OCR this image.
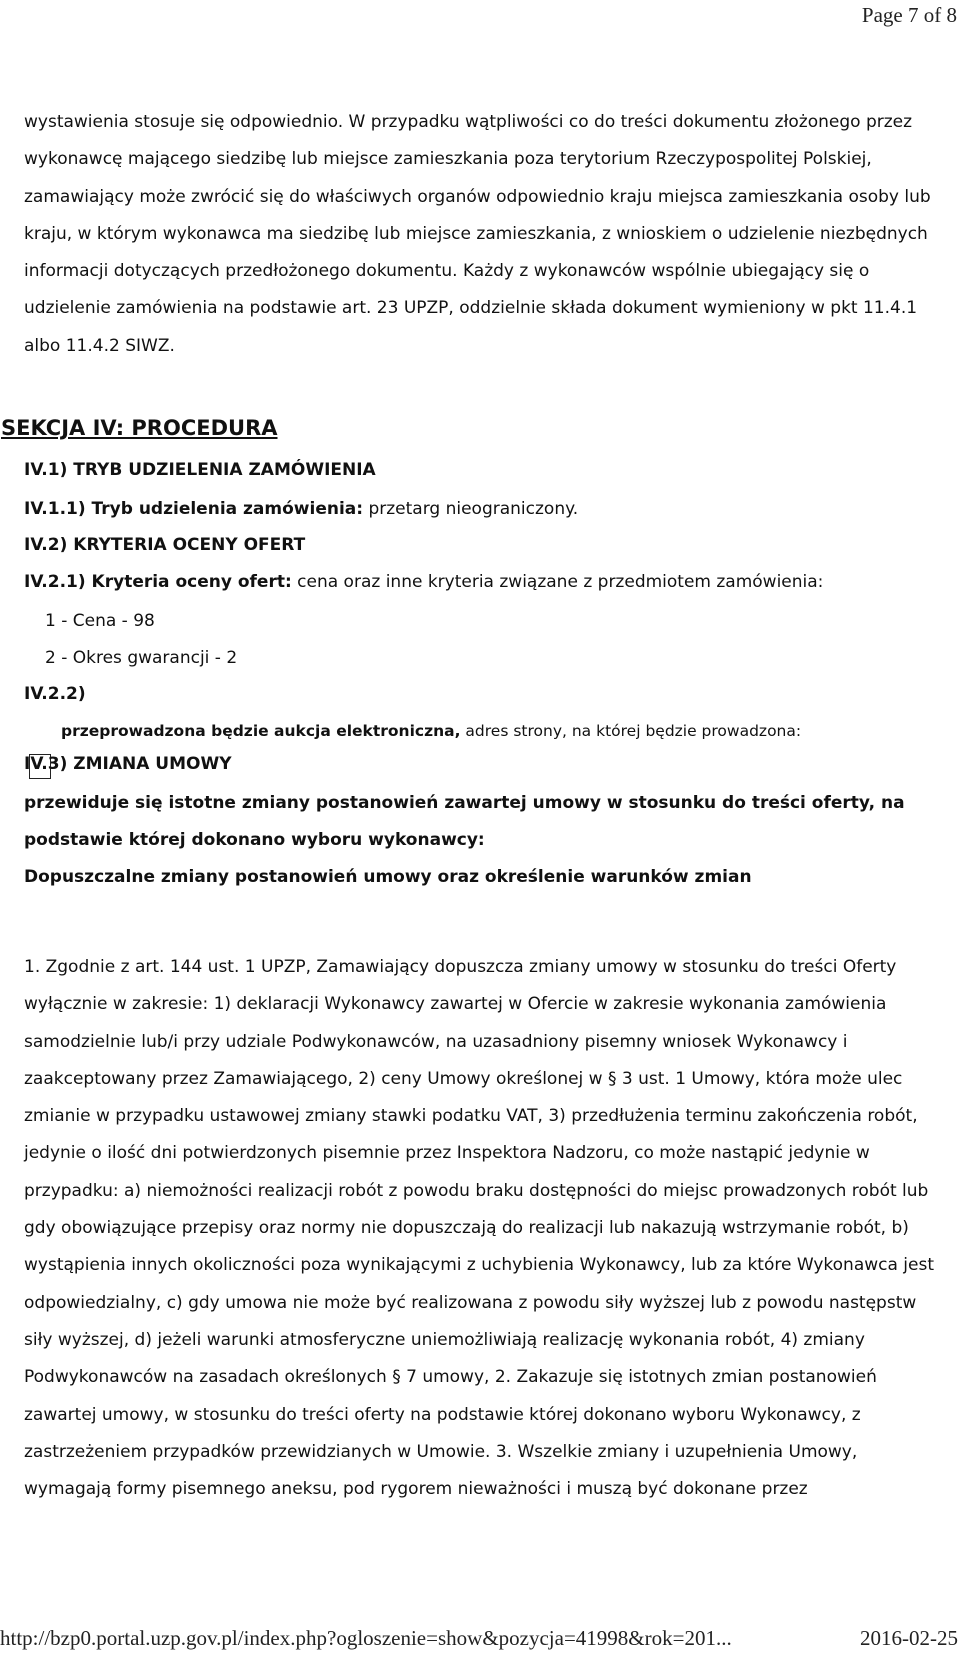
Page 7 of 8

wystawienia stosuje się odpowiednio. W przypadku wątpliwości co do treści dokumentu złożonego przez wykonawcę mającego siedzibę lub miejsce zamieszkania poza terytorium Rzeczypospolitej Polskiej, zamawiający może zwrócić się do właściwych organów odpowiednio kraju miejsca zamieszkania osoby lub kraju, w którym wykonawca ma siedzibę lub miejsce zamieszkania, z wnioskiem o udzielenie niezbędnych informacji dotyczących przedłożonego dokumentu. Każdy z wykonawców wspólnie ubiegający się o udzielenie zamówienia na podstawie art. 23 UPZP, oddzielnie składa dokument wymieniony w pkt 11.4.1 albo 11.4.2 SIWZ.

SEKCJA IV: PROCEDURA
IV.1) TRYB UDZIELENIA ZAMÓWIENIA
IV.1.1) Tryb udzielenia zamówienia: przetarg nieograniczony.
IV.2) KRYTERIA OCENY OFERT
IV.2.1) Kryteria oceny ofert: cena oraz inne kryteria związane z przedmiotem zamówienia:
1 - Cena - 98
2 - Okres gwarancji - 2
IV.2.2)
przeprowadzona będzie aukcja elektroniczna, adres strony, na której będzie prowadzona:
IV.3) ZMIANA UMOWY
przewiduje się istotne zmiany postanowień zawartej umowy w stosunku do treści oferty, na
podstawie której dokonano wyboru wykonawcy:
Dopuszczalne zmiany postanowień umowy oraz określenie warunków zmian

1. Zgodnie z art. 144 ust. 1 UPZP, Zamawiający dopuszcza zmiany umowy w stosunku do treści Oferty wyłącznie w zakresie: 1) deklaracji Wykonawcy zawartej w Ofercie w zakresie wykonania zamówienia samodzielnie lub/i przy udziale Podwykonawców, na uzasadniony pisemny wniosek Wykonawcy i zaakceptowany przez Zamawiającego, 2) ceny Umowy określonej w § 3 ust. 1 Umowy, która może ulec zmianie w przypadku ustawowej zmiany stawki podatku VAT, 3) przedłużenia terminu zakończenia robót, jedynie o ilość dni potwierdzonych pisemnie przez Inspektora Nadzoru, co może nastąpić jedynie w przypadku: a) niemożności realizacji robót z powodu braku dostępności do miejsc prowadzonych robót lub gdy obowiązujące przepisy oraz normy nie dopuszczają do realizacji lub nakazują wstrzymanie robót, b) wystąpienia innych okoliczności poza wynikającymi z uchybienia Wykonawcy, lub za które Wykonawca jest odpowiedzialny, c) gdy umowa nie może być realizowana z powodu siły wyższej lub z powodu następstw siły wyższej, d) jeżeli warunki atmosferyczne uniemożliwiają realizację wykonania robót, 4) zmiany Podwykonawców na zasadach określonych § 7 umowy, 2. Zakazuje się istotnych zmian postanowień zawartej umowy, w stosunku do treści oferty na podstawie której dokonano wyboru Wykonawcy, z zastrzeżeniem przypadków przewidzianych w Umowie. 3. Wszelkie zmiany i uzupełnienia Umowy, wymagają formy pisemnego aneksu, pod rygorem nieważności i muszą być dokonane przez

http://bzp0.portal.uzp.gov.pl/index.php?ogloszenie=show&pozycja=41998&rok=201...	2016-02-25
